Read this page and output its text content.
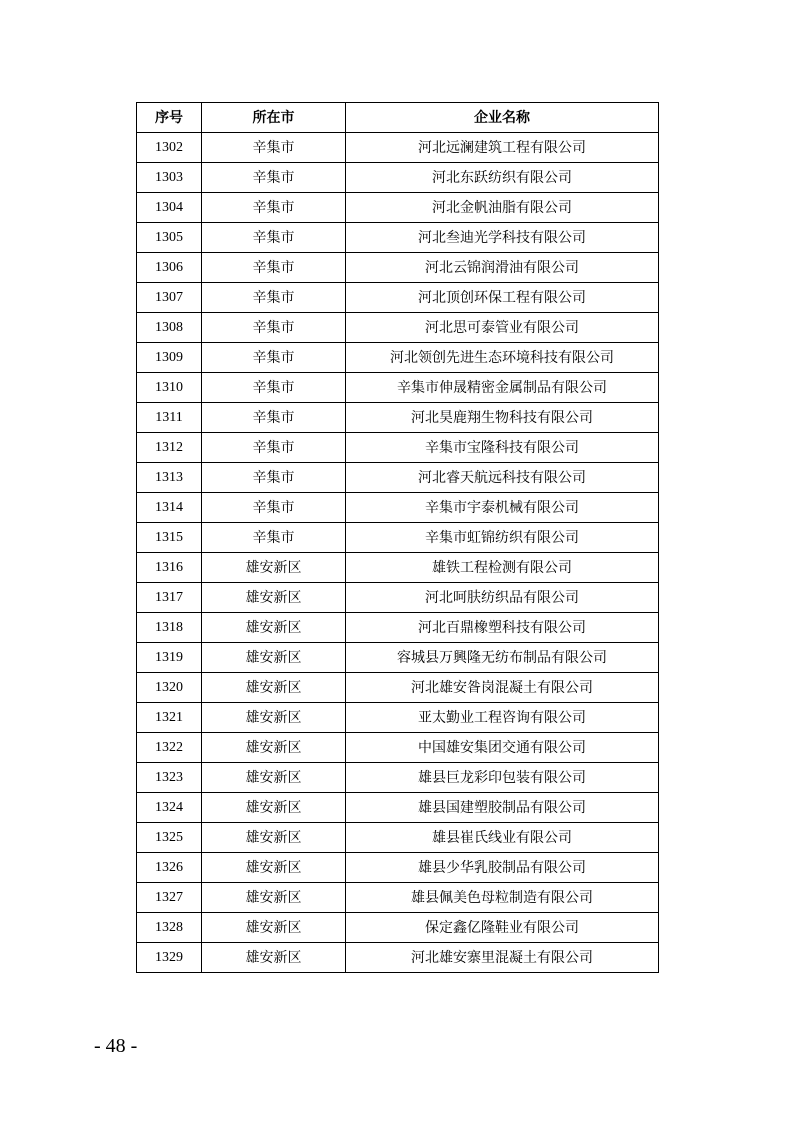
序号	所在市	企业名称
1302	辛集市	河北远澜建筑工程有限公司
1303	辛集市	河北东跃纺织有限公司
1304	辛集市	河北金帆油脂有限公司
1305	辛集市	河北叁迪光学科技有限公司
1306	辛集市	河北云锦润滑油有限公司
1307	辛集市	河北顶创环保工程有限公司
1308	辛集市	河北思可泰管业有限公司
1309	辛集市	河北领创先进生态环境科技有限公司
1310	辛集市	辛集市伸晟精密金属制品有限公司
1311	辛集市	河北昊鹿翔生物科技有限公司
1312	辛集市	辛集市宝隆科技有限公司
1313	辛集市	河北睿天航远科技有限公司
1314	辛集市	辛集市宇泰机械有限公司
1315	辛集市	辛集市虹锦纺织有限公司
1316	雄安新区	雄铁工程检测有限公司
1317	雄安新区	河北呵肤纺织品有限公司
1318	雄安新区	河北百鼎橡塑科技有限公司
1319	雄安新区	容城县万興隆无纺布制品有限公司
1320	雄安新区	河北雄安昝岗混凝土有限公司
1321	雄安新区	亚太勤业工程咨询有限公司
1322	雄安新区	中国雄安集团交通有限公司
1323	雄安新区	雄县巨龙彩印包装有限公司
1324	雄安新区	雄县国建塑胶制品有限公司
1325	雄安新区	雄县崔氏线业有限公司
1326	雄安新区	雄县少华乳胶制品有限公司
1327	雄安新区	雄县佩美色母粒制造有限公司
1328	雄安新区	保定鑫亿隆鞋业有限公司
1329	雄安新区	河北雄安寨里混凝土有限公司
- 48 -
